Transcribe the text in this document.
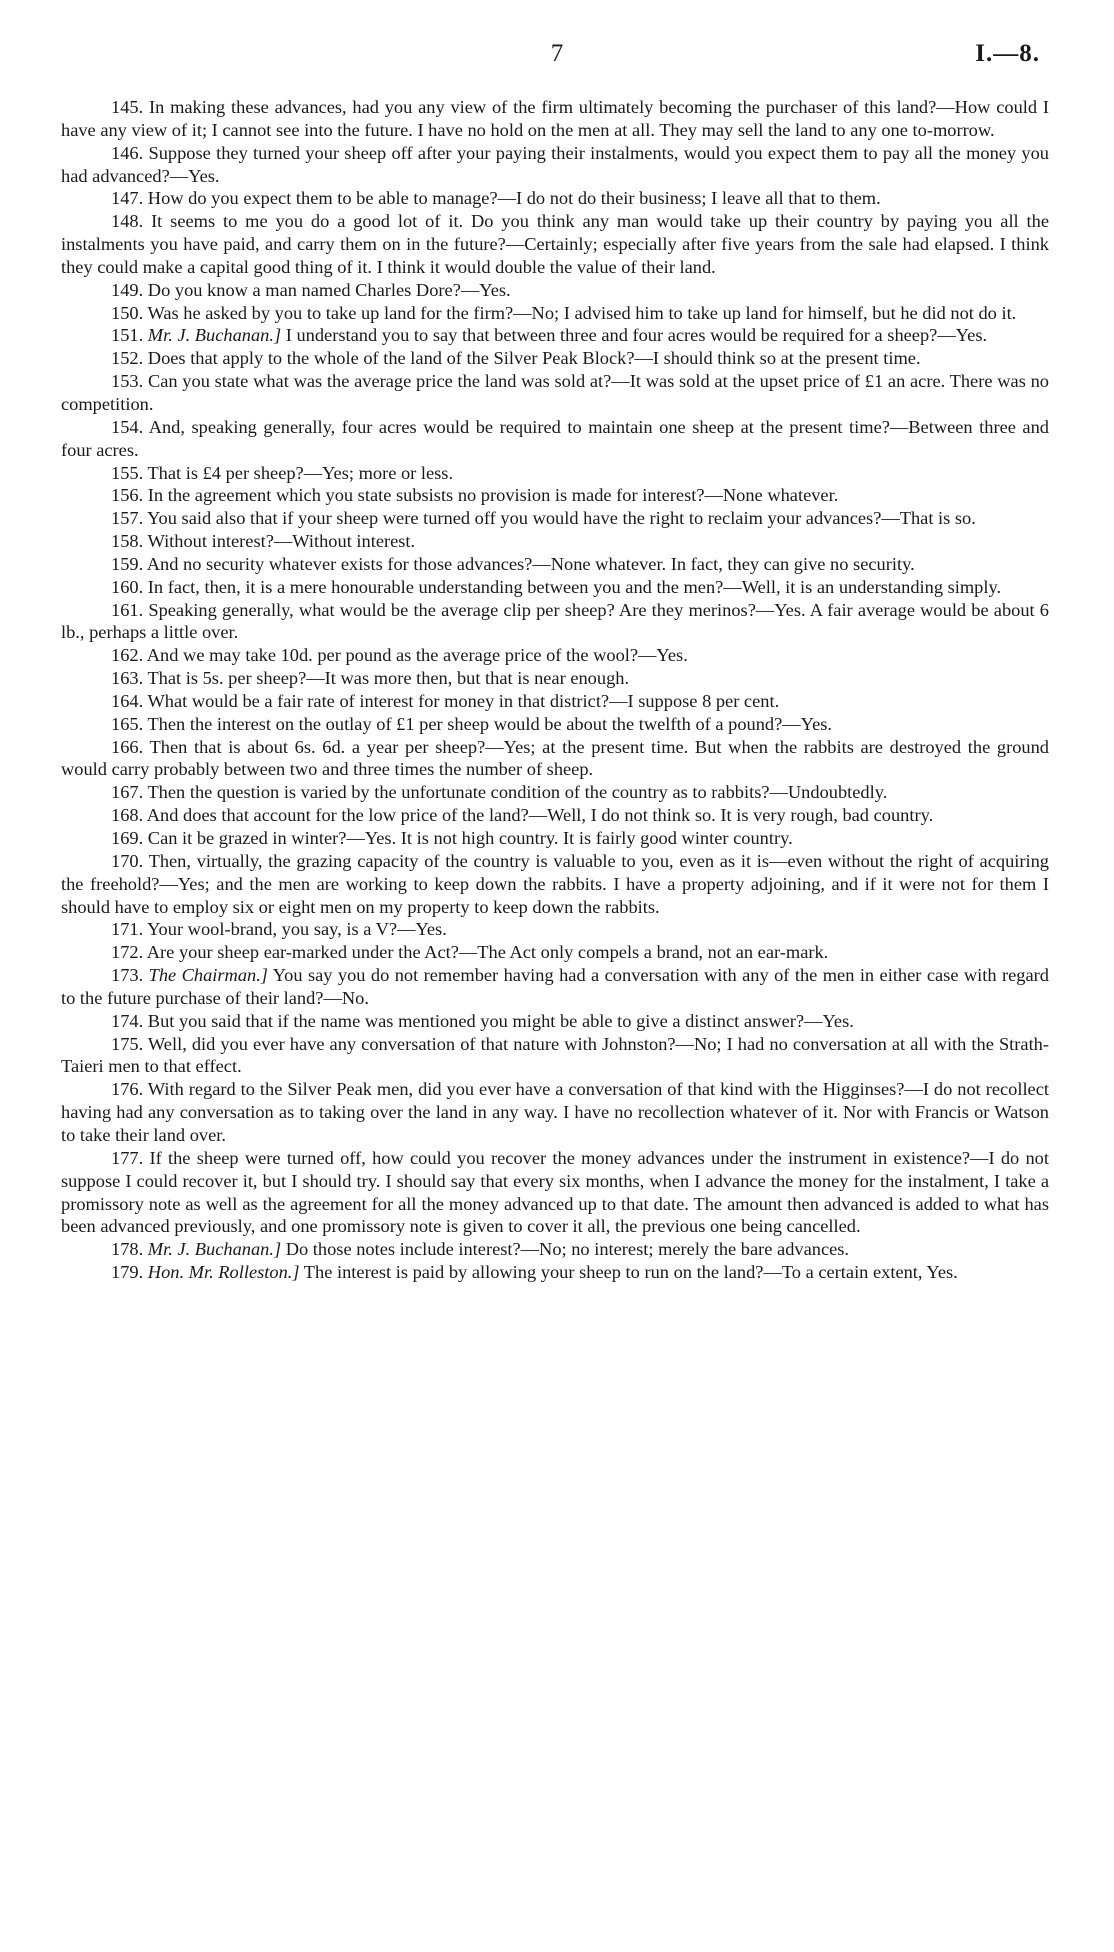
7	I.—8.

145. In making these advances, had you any view of the firm ultimately becoming the purchaser of this land?—How could I have any view of it; I cannot see into the future. I have no hold on the men at all. They may sell the land to any one to-morrow.

146. Suppose they turned your sheep off after your paying their instalments, would you expect them to pay all the money you had advanced?—Yes.

147. How do you expect them to be able to manage?—I do not do their business; I leave all that to them.

148. It seems to me you do a good lot of it. Do you think any man would take up their country by paying you all the instalments you have paid, and carry them on in the future?—Certainly; especially after five years from the sale had elapsed. I think they could make a capital good thing of it. I think it would double the value of their land.

149. Do you know a man named Charles Dore?—Yes.

150. Was he asked by you to take up land for the firm?—No; I advised him to take up land for himself, but he did not do it.

151. Mr. J. Buchanan.] I understand you to say that between three and four acres would be required for a sheep?—Yes.

152. Does that apply to the whole of the land of the Silver Peak Block?—I should think so at the present time.

153. Can you state what was the average price the land was sold at?—It was sold at the upset price of £1 an acre. There was no competition.

154. And, speaking generally, four acres would be required to maintain one sheep at the present time?—Between three and four acres.

155. That is £4 per sheep?—Yes; more or less.

156. In the agreement which you state subsists no provision is made for interest?—None whatever.

157. You said also that if your sheep were turned off you would have the right to reclaim your advances?—That is so.

158. Without interest?—Without interest.

159. And no security whatever exists for those advances?—None whatever. In fact, they can give no security.

160. In fact, then, it is a mere honourable understanding between you and the men?—Well, it is an understanding simply.

161. Speaking generally, what would be the average clip per sheep? Are they merinos?—Yes. A fair average would be about 6 lb., perhaps a little over.

162. And we may take 10d. per pound as the average price of the wool?—Yes.

163. That is 5s. per sheep?—It was more then, but that is near enough.

164. What would be a fair rate of interest for money in that district?—I suppose 8 per cent.

165. Then the interest on the outlay of £1 per sheep would be about the twelfth of a pound?—Yes.

166. Then that is about 6s. 6d. a year per sheep?—Yes; at the present time. But when the rabbits are destroyed the ground would carry probably between two and three times the number of sheep.

167. Then the question is varied by the unfortunate condition of the country as to rabbits?—Undoubtedly.

168. And does that account for the low price of the land?—Well, I do not think so. It is very rough, bad country.

169. Can it be grazed in winter?—Yes. It is not high country. It is fairly good winter country.

170. Then, virtually, the grazing capacity of the country is valuable to you, even as it is—even without the right of acquiring the freehold?—Yes; and the men are working to keep down the rabbits. I have a property adjoining, and if it were not for them I should have to employ six or eight men on my property to keep down the rabbits.

171. Your wool-brand, you say, is a V?—Yes.

172. Are your sheep ear-marked under the Act?—The Act only compels a brand, not an ear-mark.

173. The Chairman.] You say you do not remember having had a conversation with any of the men in either case with regard to the future purchase of their land?—No.

174. But you said that if the name was mentioned you might be able to give a distinct answer?—Yes.

175. Well, did you ever have any conversation of that nature with Johnston?—No; I had no conversation at all with the Strath-Taieri men to that effect.

176. With regard to the Silver Peak men, did you ever have a conversation of that kind with the Higginses?—I do not recollect having had any conversation as to taking over the land in any way. I have no recollection whatever of it. Nor with Francis or Watson to take their land over.

177. If the sheep were turned off, how could you recover the money advances under the instrument in existence?—I do not suppose I could recover it, but I should try. I should say that every six months, when I advance the money for the instalment, I take a promissory note as well as the agreement for all the money advanced up to that date. The amount then advanced is added to what has been advanced previously, and one promissory note is given to cover it all, the previous one being cancelled.

178. Mr. J. Buchanan.] Do those notes include interest?—No; no interest; merely the bare advances.

179. Hon. Mr. Rolleston.] The interest is paid by allowing your sheep to run on the land?—To a certain extent, Yes.
